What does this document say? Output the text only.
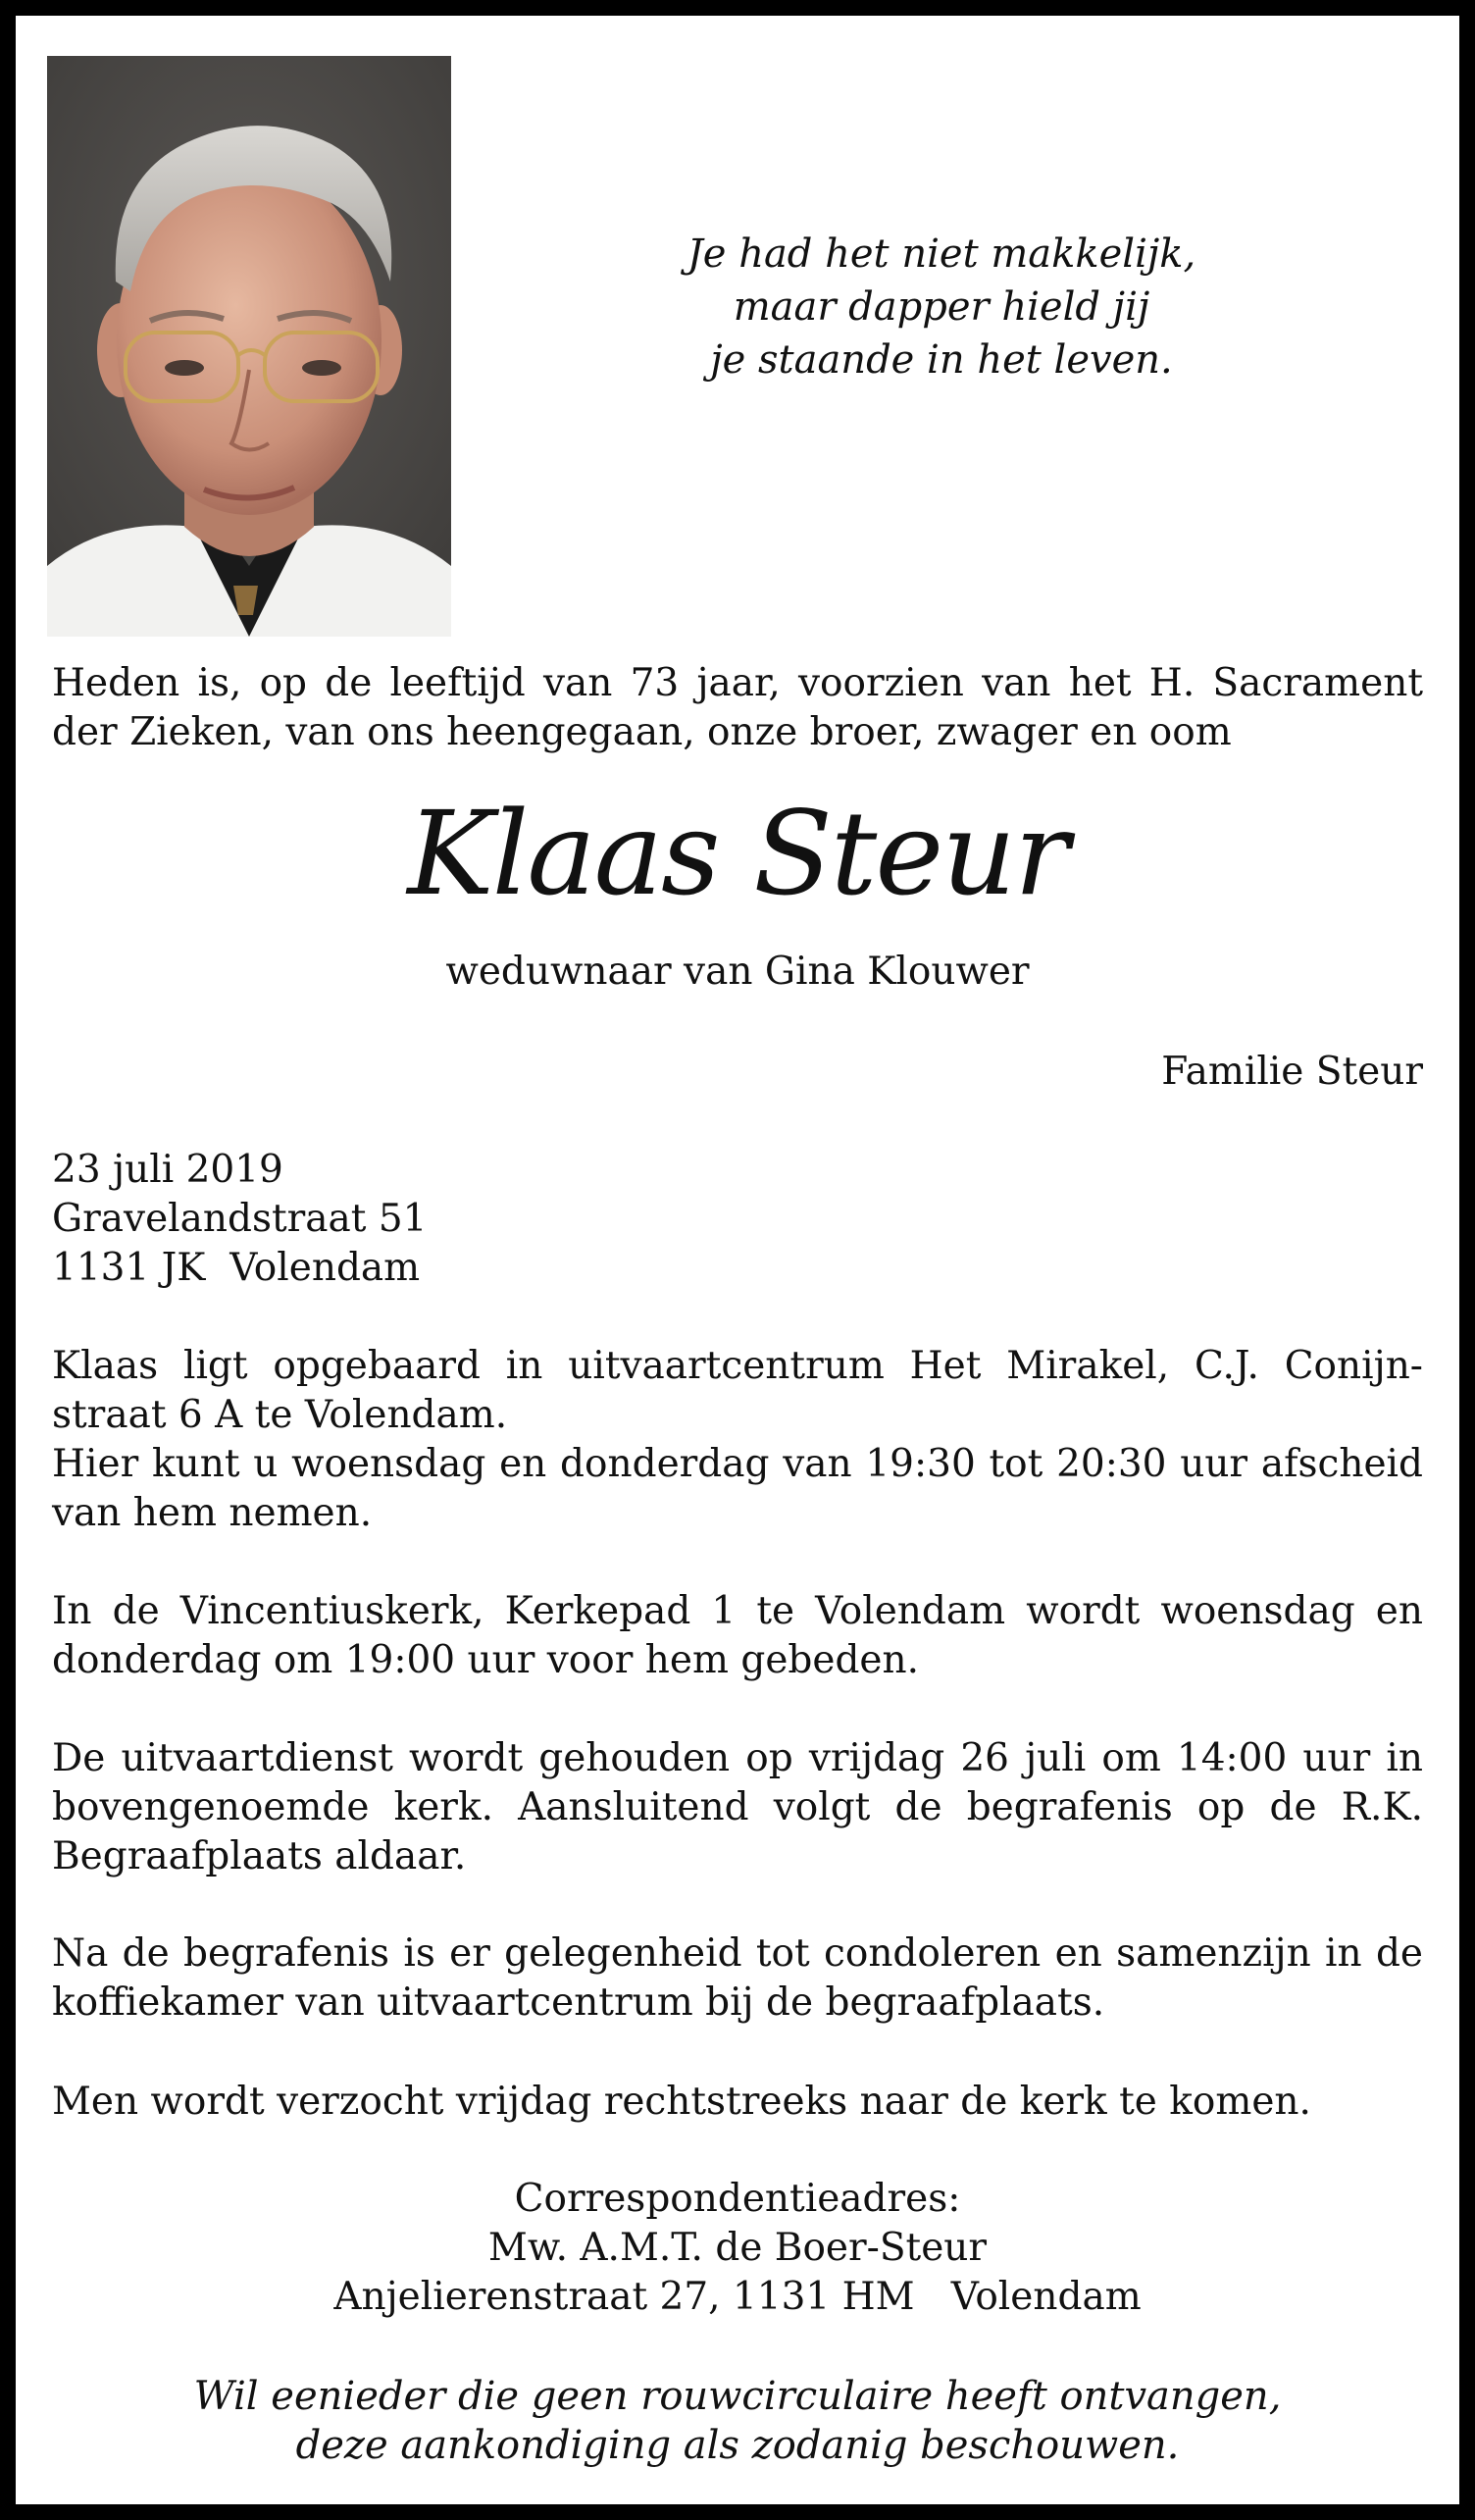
Je had het niet makkelijk,
maar dapper hield jij
je staande in het leven.
Heden is, op de leeftijd van 73 jaar, voorzien van het H. Sacrament der Zieken, van ons heengegaan, onze broer, zwager en oom
Klaas Steur
weduwnaar van Gina Klouwer
Familie Steur
23 juli 2019
Gravelandstraat 51
1131 JK  Volendam
Klaas ligt opgebaard in uitvaartcentrum Het Mirakel, C.J. Conijn-straat 6 A te Volendam.
Hier kunt u woensdag en donderdag van 19:30 tot 20:30 uur afscheid van hem nemen.
In de Vincentiuskerk, Kerkepad 1 te Volendam wordt woensdag en donderdag om 19:00 uur voor hem gebeden.
De uitvaartdienst wordt gehouden op vrijdag 26 juli om 14:00 uur in bovengenoemde kerk. Aansluitend volgt de begrafenis op de R.K. Begraafplaats aldaar.
Na de begrafenis is er gelegenheid tot condoleren en samenzijn in de koffiekamer van uitvaartcentrum bij de begraafplaats.
Men wordt verzocht vrijdag rechtstreeks naar de kerk te komen.
Correspondentieadres:
Mw. A.M.T. de Boer-Steur
Anjelierenstraat 27, 1131 HM   Volendam
Wil eenieder die geen rouwcirculaire heeft ontvangen,
deze aankondiging als zodanig beschouwen.
